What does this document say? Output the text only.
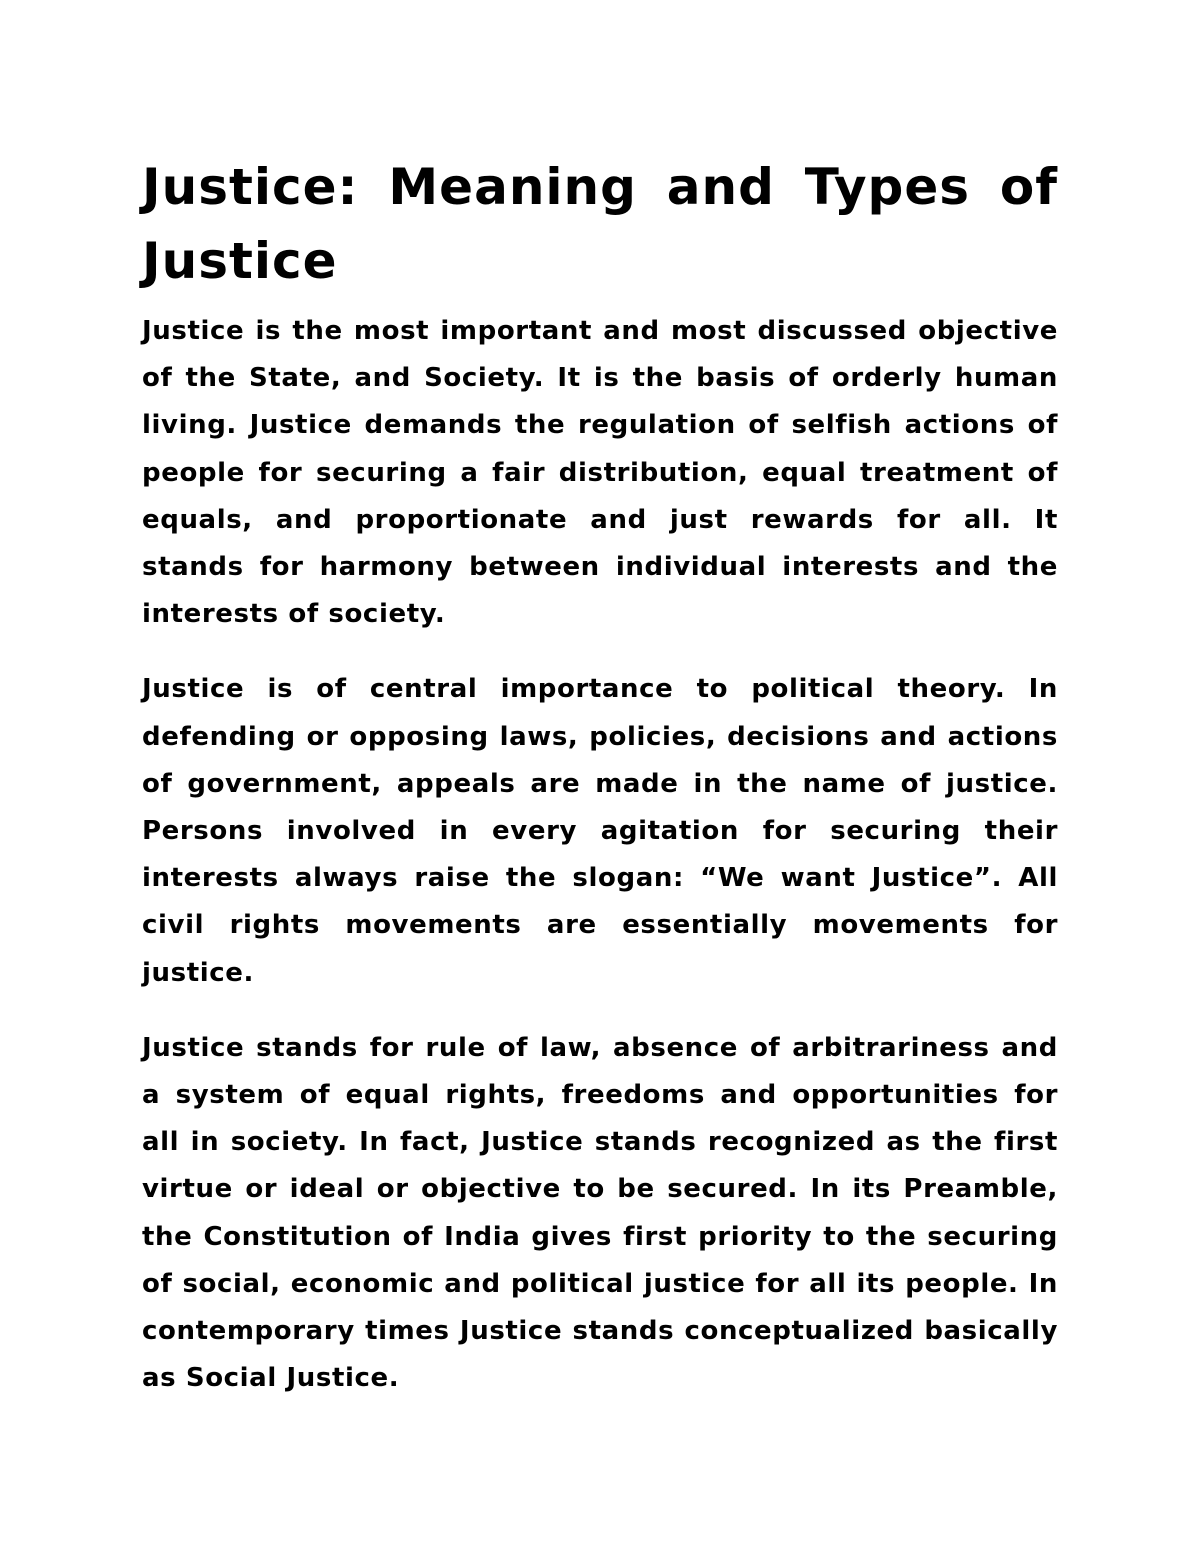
Justice: Meaning and Types of Justice

Justice is the most important and most discussed objective of the State, and Society. It is the basis of orderly human living. Justice demands the regulation of selfish actions of people for securing a fair distribution, equal treatment of equals, and proportionate and just rewards for all. It stands for harmony between individual interests and the interests of society.

Justice is of central importance to political theory. In defending or opposing laws, policies, decisions and actions of government, appeals are made in the name of justice. Persons involved in every agitation for securing their interests always raise the slogan: “We want Justice”. All civil rights movements are essentially movements for justice.

Justice stands for rule of law, absence of arbitrariness and a system of equal rights, freedoms and opportunities for all in society. In fact, Justice stands recognized as the first virtue or ideal or objective to be secured. In its Preamble, the Constitution of India gives first priority to the securing of social, economic and political justice for all its people. In contemporary times Justice stands conceptualized basically as Social Justice.
